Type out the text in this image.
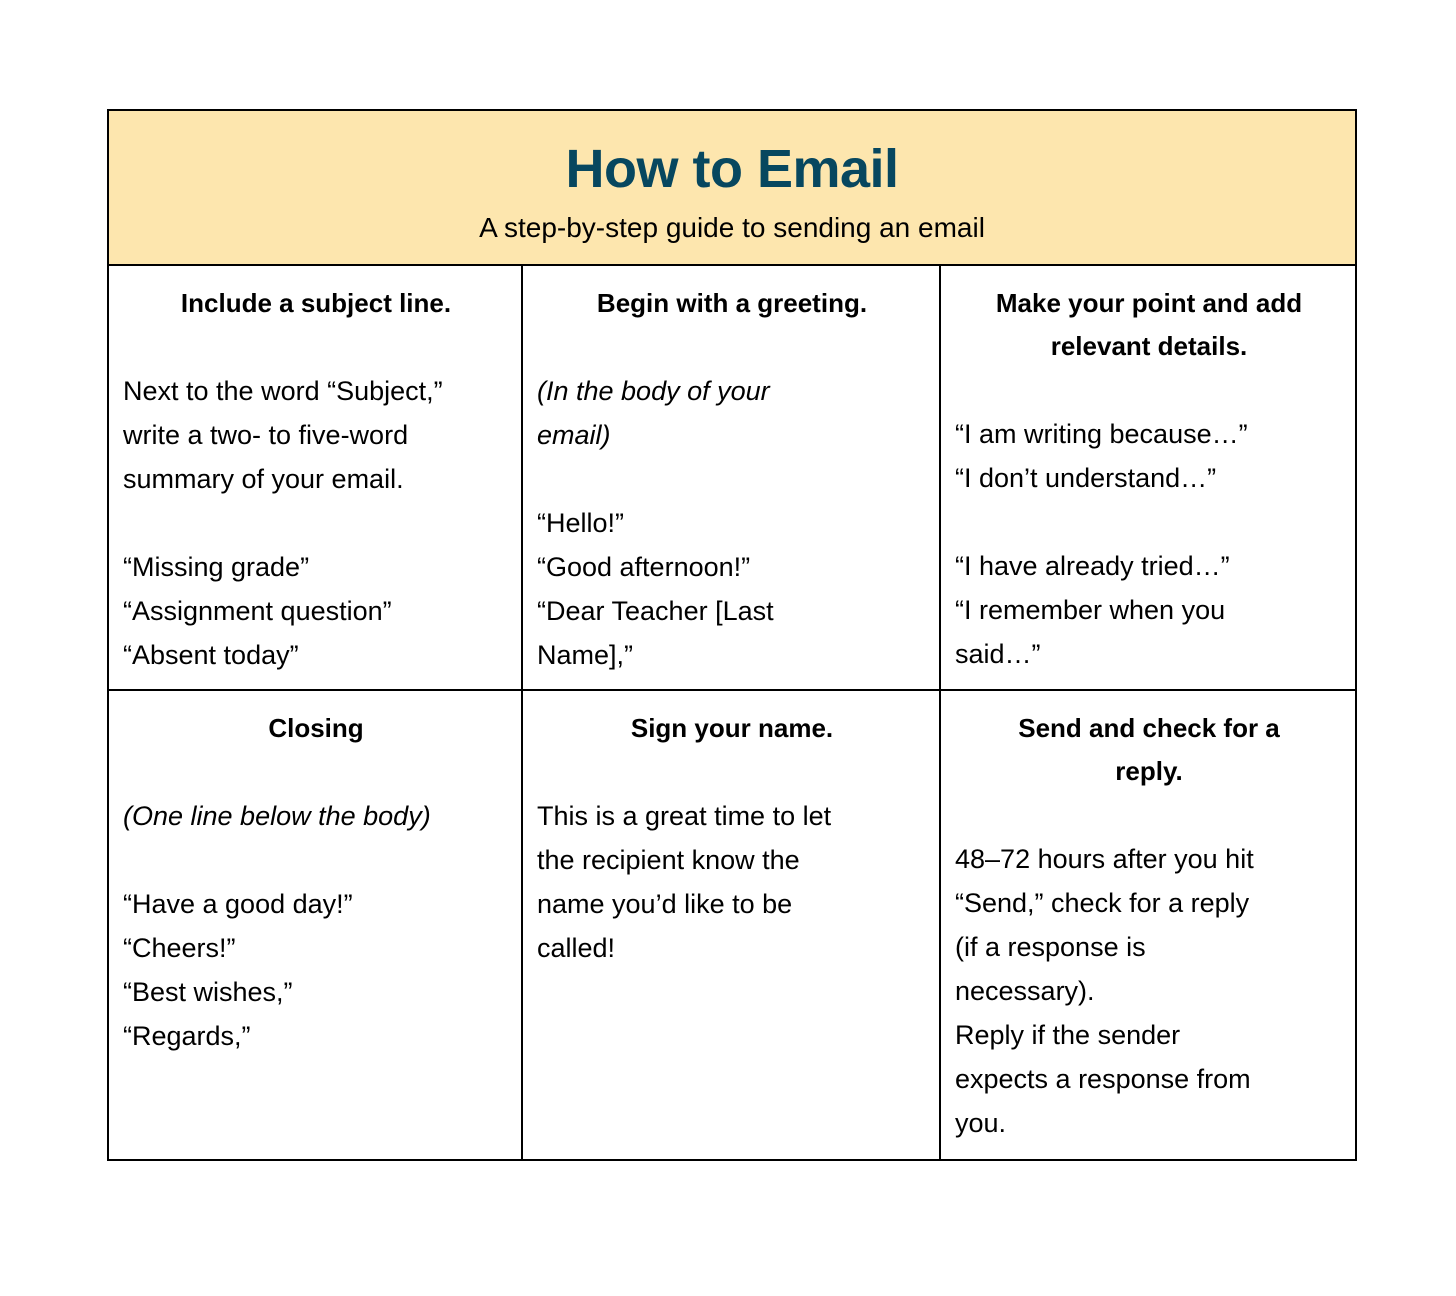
How to Email
A step-by-step guide to sending an email
Include a subject line.
Next to the word “Subject,”
write a two- to five-word
summary of your email.
“Missing grade”
“Assignment question”
“Absent today”
Begin with a greeting.
(In the body of your
email)
“Hello!”
“Good afternoon!”
“Dear Teacher [Last
Name],”
Make your point and add
relevant details.
“I am writing because…”
“I don’t understand…”
“I have already tried…”
“I remember when you
said…”
Closing
(One line below the body)
“Have a good day!”
“Cheers!”
“Best wishes,”
“Regards,”
Sign your name.
This is a great time to let
the recipient know the
name you’d like to be
called!
Send and check for a
reply.
48–72 hours after you hit
“Send,” check for a reply
(if a response is
necessary).
Reply if the sender
expects a response from
you.
